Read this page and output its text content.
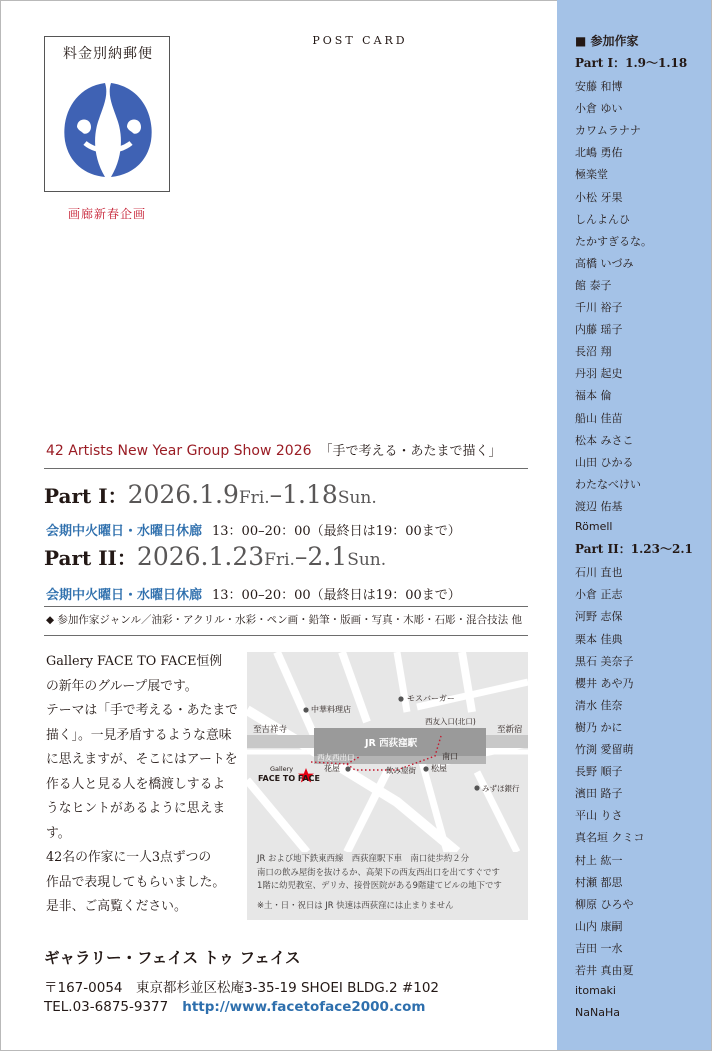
料金別納郵便
画廊新春企画
POST CARD
42 Artists New Year Group Show 2026 「手で考える・あたまで描く」
Part I：2026.1.9Fri.–1.18Sun.
会期中火曜日・水曜日休廊 13：00–20：00（最終日は19：00まで）
Part II：2026.1.23Fri.–2.1Sun.
会期中火曜日・水曜日休廊 13：00–20：00（最終日は19：00まで）
◆ 参加作家ジャンル／油彩・アクリル・水彩・ペン画・鉛筆・版画・写真・木彫・石彫・混合技法 他

Gallery FACE TO FACE恒例

の新年のグループ展です。

テーマは「手で考える・あたまで

描く」。一見矛盾するような意味

に思えますが、そこにはアートを

作る人と見る人を橋渡しするよ

うなヒントがあるように思えます。

42名の作家に一人3点ずつの

作品で表現してもらいました。

是非、ご高覧ください。

中華料理店
モスバーガー
至吉祥寺	至新宿
西友入口(北口)
JR 西荻窪駅
西友西出口	南口
Gallery
FACE TO FACE
花屋	飲み屋街 松屋
みずほ銀行
JR および地下鉄東西線　西荻窪駅下車　南口徒歩約２分
南口の飲み屋街を抜けるか、高架下の西友西出口を出てすぐです
1階に幼児教室、デリカ、接骨医院がある9階建てビルの地下です
※土・日・祝日は JR 快速は西荻窪には止まりません
ギャラリー・フェイス トゥ フェイス
〒167-0054　東京都杉並区松庵3-35-19 SHOEI BLDG.2 #102
TEL.03-6875-9377 http://www.facetoface2000.com
■ 参加作家
Part I：1.9～1.18
安藤 和博
小倉 ゆい
カワムラナナ
北嶋 勇佑
極楽堂
小松 牙果
しんよんひ
たかすぎるな。
高橋 いづみ
館 泰子
千川 裕子
内藤 瑶子
長沼 翔
丹羽 起史
福本 倫
船山 佳苗
松本 みさこ
山田 ひかる
わたなべけい
渡辺 佑基
Römell
Part II：1.23～2.1
石川 直也
小倉 正志
河野 志保
栗本 佳典
黒石 美奈子
櫻井 あや乃
清水 佳奈
樹乃 かに
竹渕 愛留萌
長野 順子
濱田 路子
平山 りさ
真名垣 クミコ
村上 紘一
村瀬 都思
柳原 ひろや
山内 康嗣
吉田 一水
若井 真由夏
itomaki
NaNaHa
